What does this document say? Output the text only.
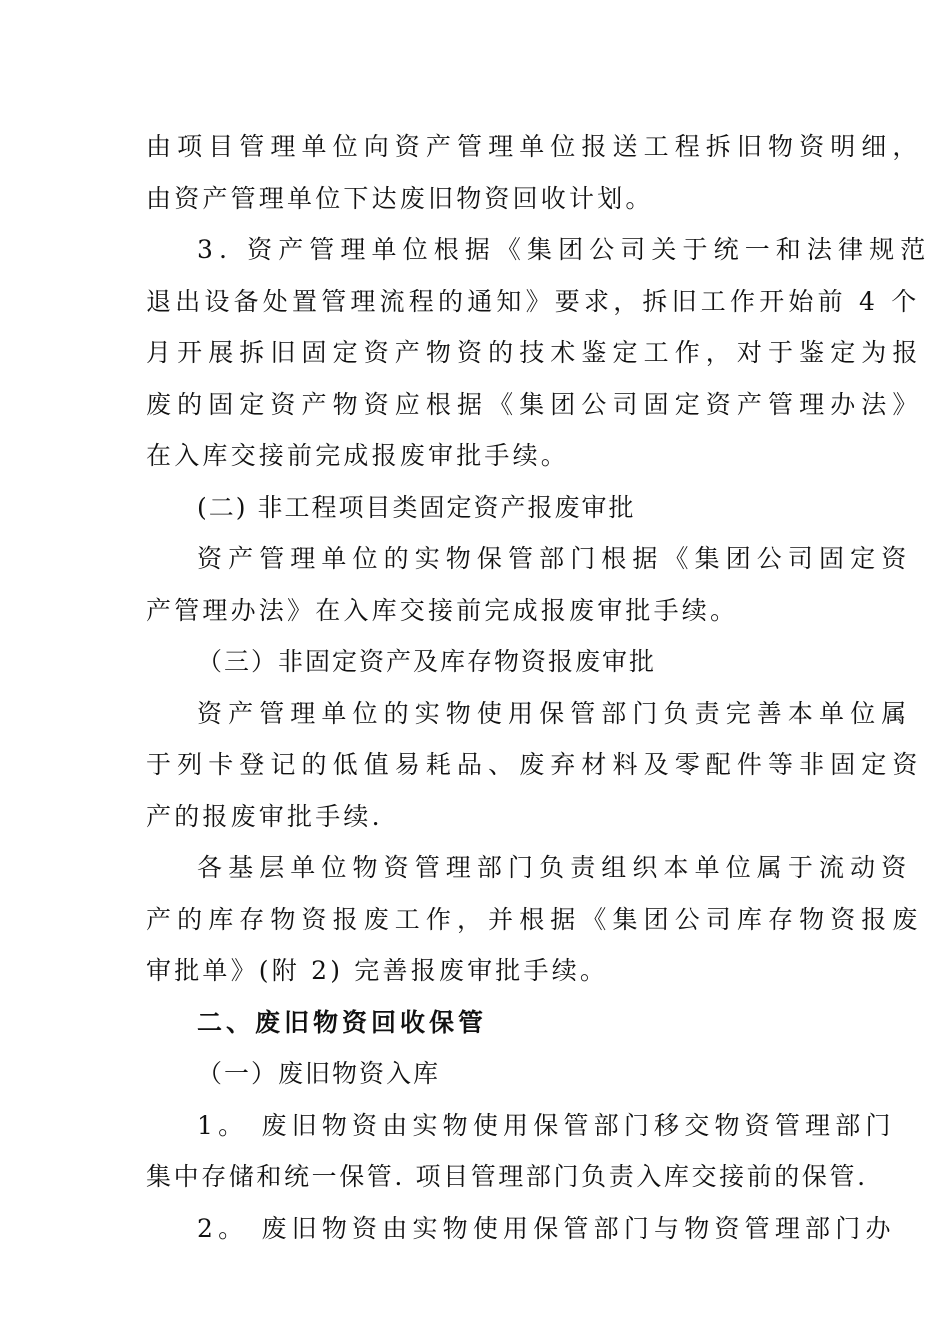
由项目管理单位向资产管理单位报送工程拆旧物资明细，
由资产管理单位下达废旧物资回收计划。
3. 资产管理单位根据《集团公司关于统一和法律规范
退出设备处置管理流程的通知》要求，拆旧工作开始前 4 个
月开展拆旧固定资产物资的技术鉴定工作，对于鉴定为报
废的固定资产物资应根据《集团公司固定资产管理办法》
在入库交接前完成报废审批手续。
(二) 非工程项目类固定资产报废审批
资产管理单位的实物保管部门根据《集团公司固定资
产管理办法》在入库交接前完成报废审批手续。
（三）非固定资产及库存物资报废审批
资产管理单位的实物使用保管部门负责完善本单位属
于列卡登记的低值易耗品、废弃材料及零配件等非固定资
产的报废审批手续.
各基层单位物资管理部门负责组织本单位属于流动资
产的库存物资报废工作，并根据《集团公司库存物资报废
审批单》(附 2) 完善报废审批手续。
二、废旧物资回收保管
（一）废旧物资入库
1。 废旧物资由实物使用保管部门移交物资管理部门
集中存储和统一保管. 项目管理部门负责入库交接前的保管.
2。 废旧物资由实物使用保管部门与物资管理部门办
